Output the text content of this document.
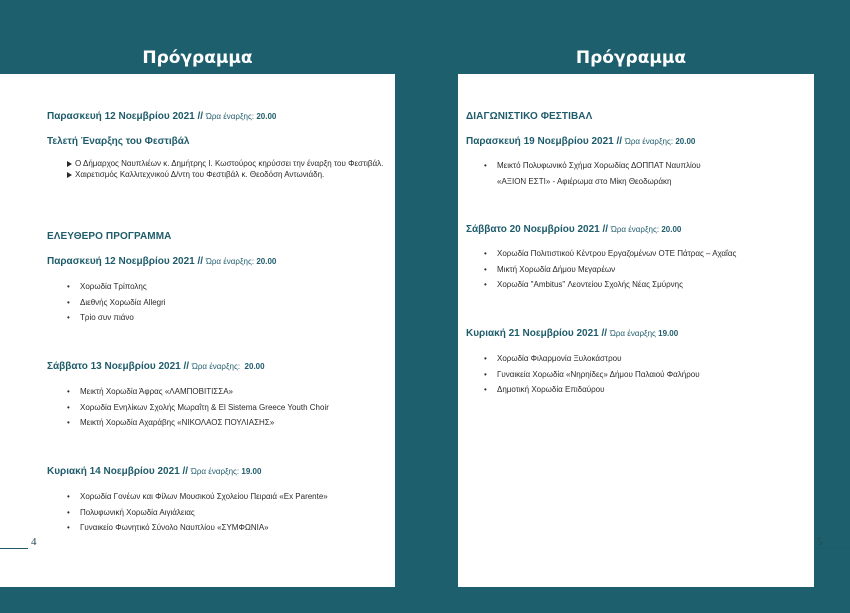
Πρόγραμμα
Παρασκευή 12 Νοεμβρίου 2021 // Ώρα έναρξης: 20.00
Τελετή Έναρξης του Φεστιβάλ
Ο Δήμαρχος Ναυπλιέων κ. Δημήτρης Ι. Κωστούρος κηρύσσει την έναρξη του Φεστιβάλ.
Χαιρετισμός Καλλιτεχνικού Δ/ντη του Φεστιβάλ κ. Θεοδόση Αντωνιάδη.
ΕΛΕΥΘΕΡΟ ΠΡΟΓΡΑΜΜΑ
Παρασκευή 12 Νοεμβρίου 2021 // Ώρα έναρξης: 20.00
• Χορωδία Τρίπολης
• Διεθνής Χορωδία Allegri
• Τρίο συν πιάνο
Σάββατο 13 Νοεμβρίου 2021 // Ώρα έναρξης: 20.00
• Μεικτή Χορωδία Άφρας «ΛΑΜΠΟΒΙΤΙΣΣΑ»
• Χορωδία Ενηλίκων Σχολής Μωραΐτη & El Sistema Greece Youth Choir
• Μεικτή Χορωδία Αχαράβης «ΝΙΚΟΛΑΟΣ ΠΟΥΛΙΑΣΗΣ»
Κυριακή 14 Νοεμβρίου 2021 // Ώρα έναρξης: 19.00
• Χορωδία Γονέων και Φίλων Μουσικού Σχολείου Πειραιά «Ex Parente»
• Πολυφωνική Χορωδία Αιγιάλειας
• Γυναικείο Φωνητικό Σύνολο Ναυπλίου «ΣΥΜΦΩΝΙΑ»
4
Πρόγραμμα
ΔΙΑΓΩΝΙΣΤΙΚΟ ΦΕΣΤΙΒΑΛ
Παρασκευή 19 Νοεμβρίου 2021 // Ώρα έναρξης: 20.00
• Μεικτό Πολυφωνικό Σχήμα Χορωδίας ΔΟΠΠΑΤ Ναυπλίου
«ΑΞΙΟΝ ΕΣΤΙ» - Αφιέρωμα στο Μίκη Θεοδωράκη
Σάββατο 20 Νοεμβρίου 2021 // Ώρα έναρξης: 20.00
• Χορωδία Πολιτιστικού Κέντρου Εργαζομένων ΟΤΕ Πάτρας – Αχαΐας
• Μικτή Χορωδία Δήμου Μεγαρέων
• Χορωδία "Ambitus" Λεοντείου Σχολής Νέας Σμύρνης
Κυριακή 21 Νοεμβρίου 2021 // Ώρα έναρξης 19.00
• Χορωδία Φιλαρμονία Ξυλοκάστρου
• Γυναικεία Χορωδία «Νηρηίδες» Δήμου Παλαιού Φαλήρου
• Δημοτική Χορωδία Επιδαύρου
5
